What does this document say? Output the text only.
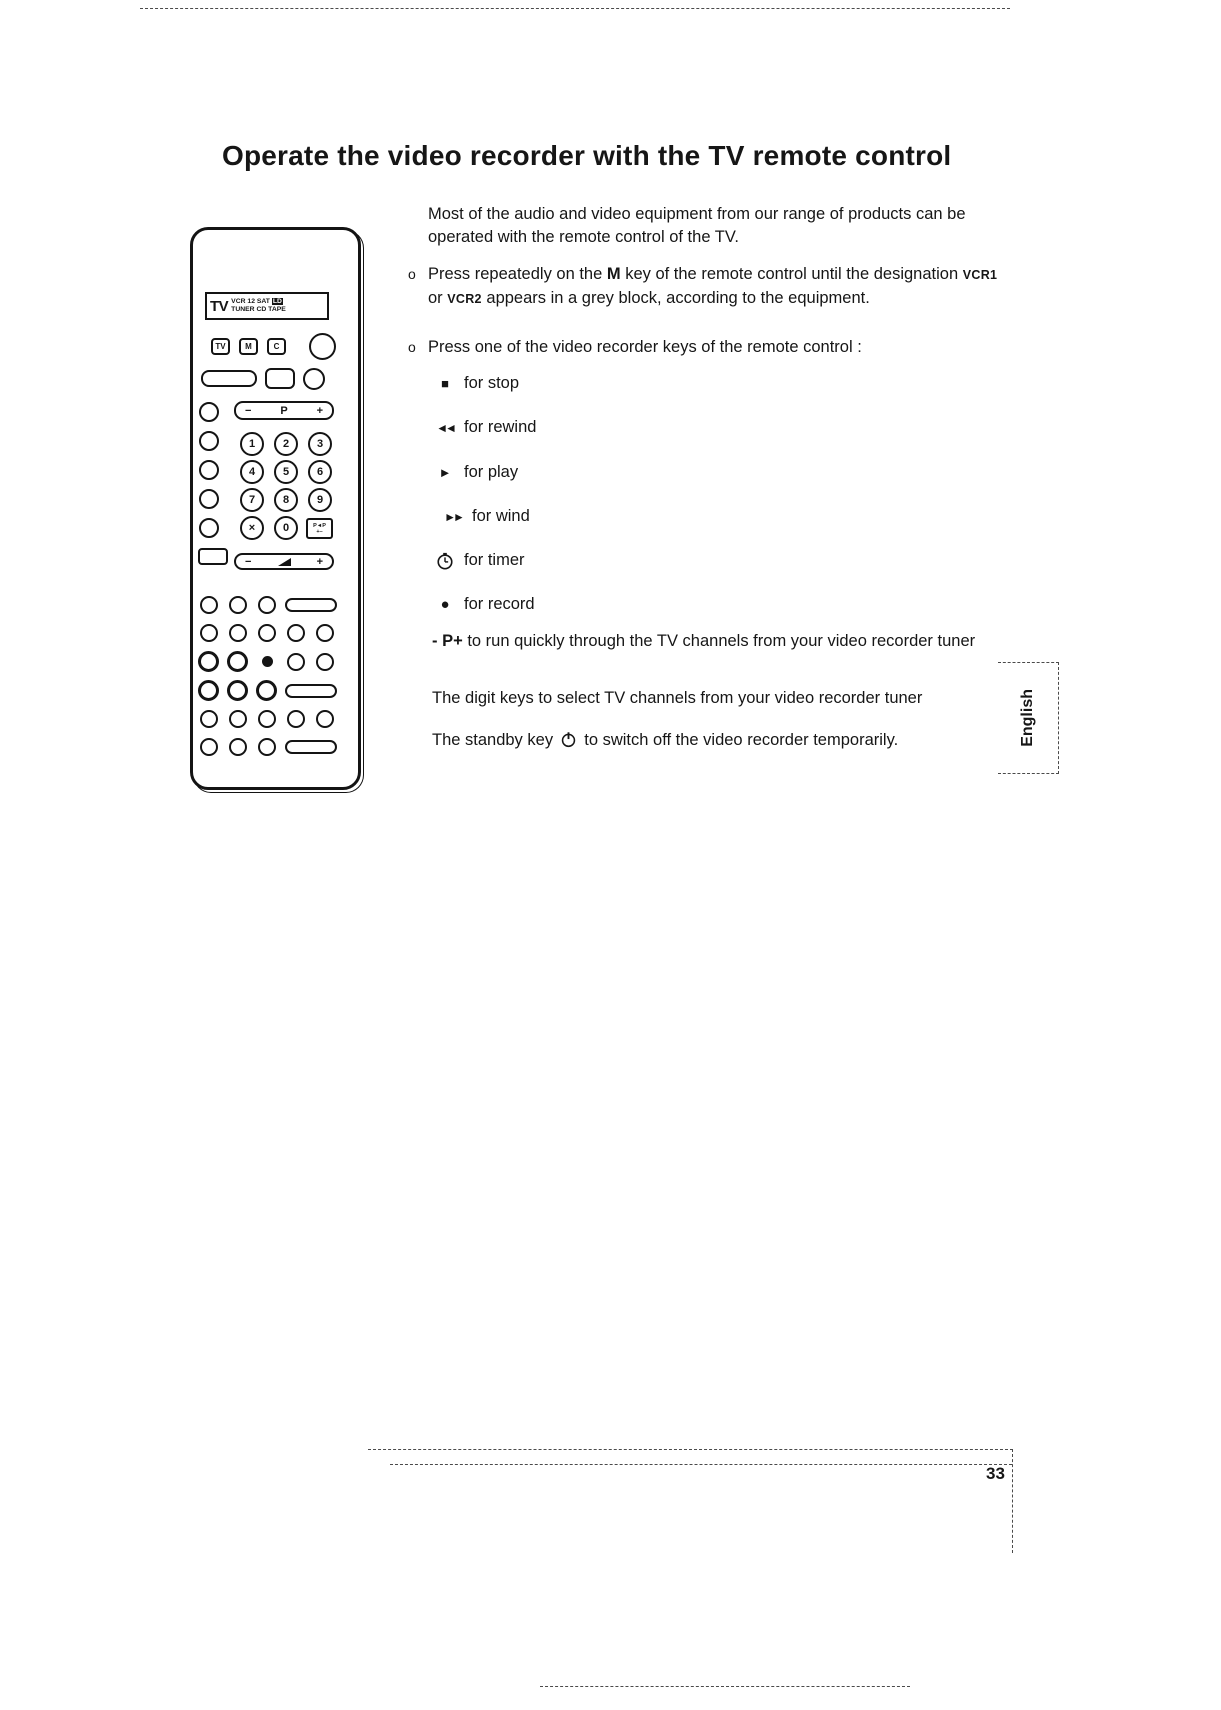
Operate the video recorder with the TV remote control
Most of the audio and video equipment from our range of products can be operated with the remote control of the TV.
o Press repeatedly on the M key of the remote control until the designation VCR1 or VCR2 appears in a grey block, according to the equipment.
o Press one of the video recorder keys of the remote control :
■ for stop
◄◄ for rewind
► for play
►► for wind
for timer
● for record
- P+ to run quickly through the TV channels from your video recorder tuner
The digit keys to select TV channels from your video recorder tuner
The standby key  to switch off the video recorder temporarily.	English
33
TV VCR 12 SAT LD
TUNER CD TAPE
TV M	C
−	P	+
1	2	3
4	5	6
7	8	9
×	0	P◄P
+–
−	+
